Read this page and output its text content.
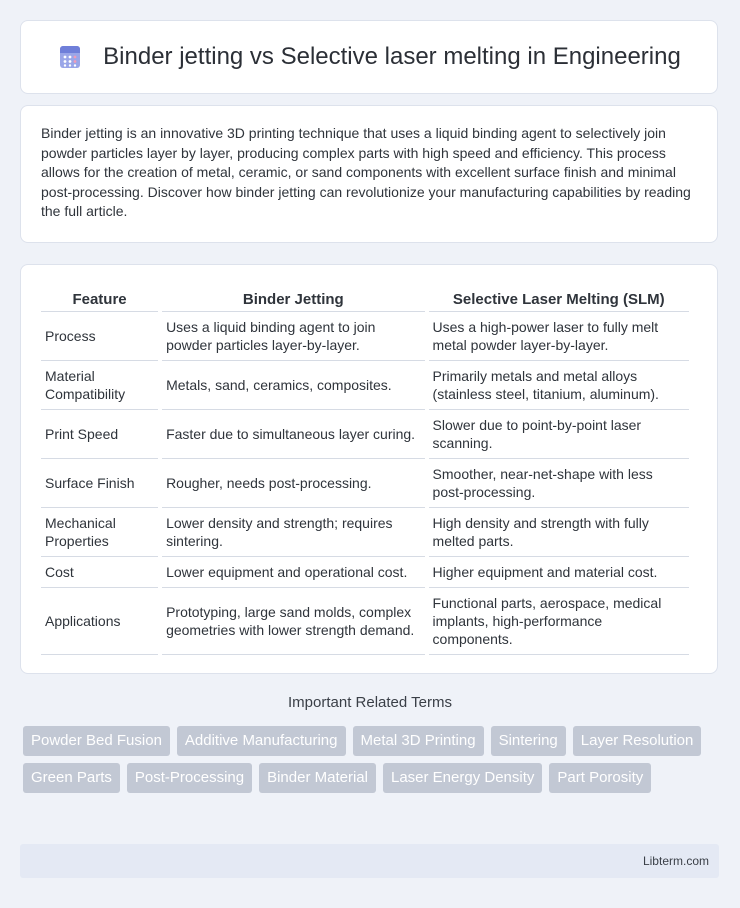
Binder jetting vs Selective laser melting in Engineering

Binder jetting is an innovative 3D printing technique that uses a liquid binding agent to selectively join powder particles layer by layer, producing complex parts with high speed and efficiency. This process allows for the creation of metal, ceramic, or sand components with excellent surface finish and minimal post-processing. Discover how binder jetting can revolutionize your manufacturing capabilities by reading the full article.

Feature	Binder Jetting	Selective Laser Melting (SLM)
Process	Uses a liquid binding agent to join powder particles layer-by-layer.	Uses a high-power laser to fully melt metal powder layer-by-layer.
Material Compatibility	Metals, sand, ceramics, composites.	Primarily metals and metal alloys (stainless steel, titanium, aluminum).
Print Speed	Faster due to simultaneous layer curing.	Slower due to point-by-point laser scanning.
Surface Finish	Rougher, needs post-processing.	Smoother, near-net-shape with less post-processing.
Mechanical Properties	Lower density and strength; requires sintering.	High density and strength with fully melted parts.
Cost	Lower equipment and operational cost.	Higher equipment and material cost.
Applications	Prototyping, large sand molds, complex geometries with lower strength demand.	Functional parts, aerospace, medical implants, high-performance components.
Important Related Terms
Powder Bed Fusion	Additive Manufacturing	Metal 3D Printing	Sintering	Layer Resolution
Green Parts	Post-Processing	Binder Material	Laser Energy Density	Part Porosity
Libterm.com
